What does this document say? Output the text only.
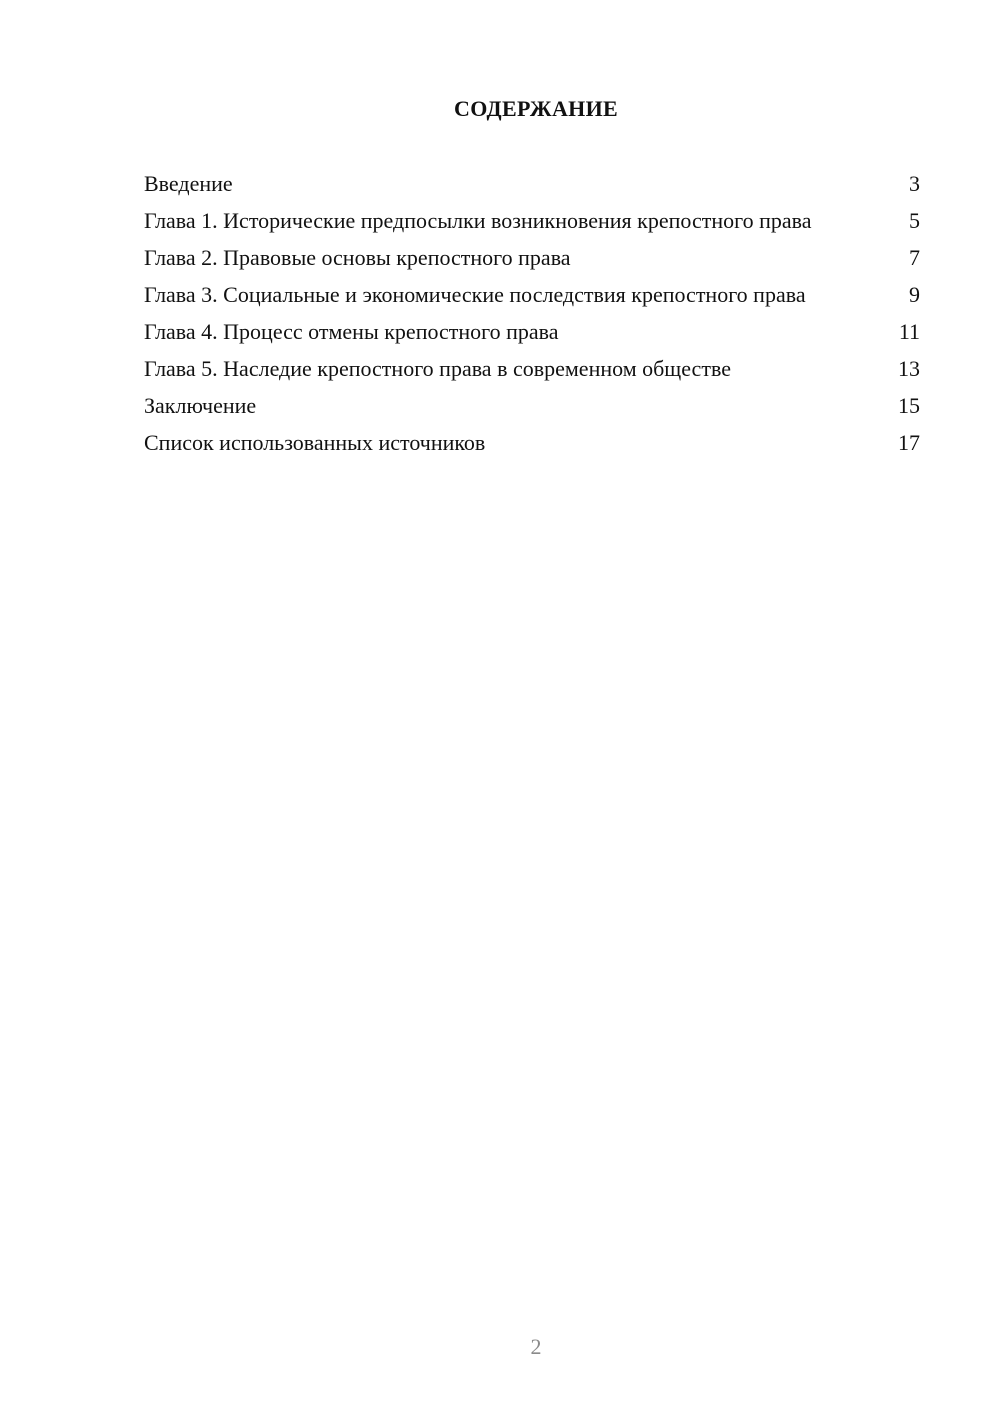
СОДЕРЖАНИЕ
Введение	3
Глава 1. Исторические предпосылки возникновения крепостного права	5
Глава 2. Правовые основы крепостного права	7
Глава 3. Социальные и экономические последствия крепостного права	9
Глава 4. Процесс отмены крепостного права	11
Глава 5. Наследие крепостного права в современном обществе	13
Заключение	15
Список использованных источников	17
2
